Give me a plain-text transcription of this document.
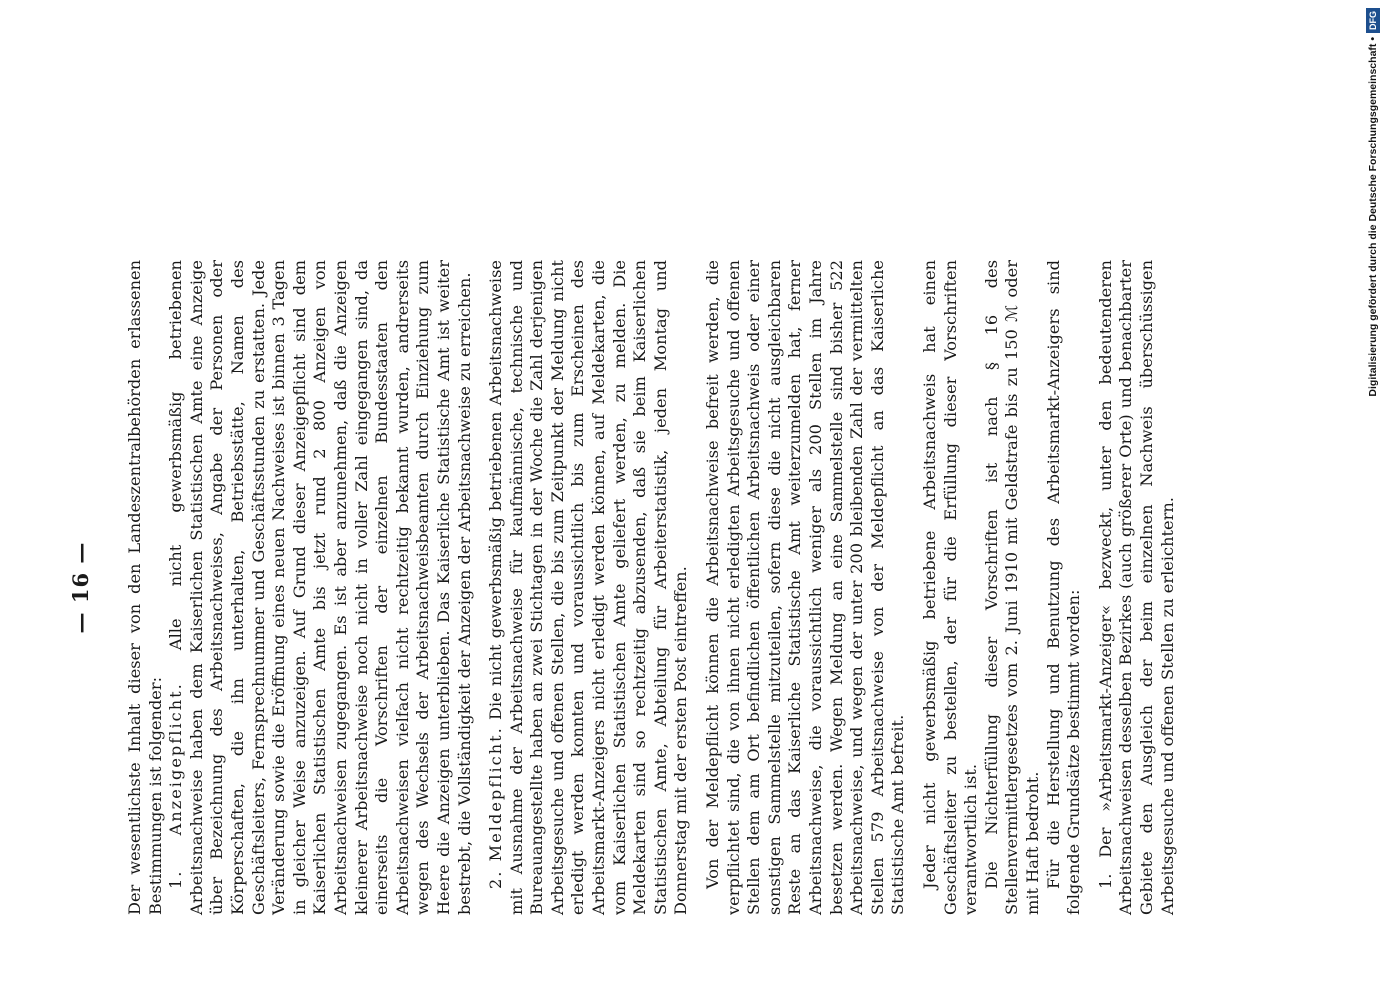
— 16 — Der wesentlichste Inhalt dieser von den Landeszentralbehörden erlassenen Bestimmungen ist folgender: 1. Anzeigepflicht. Alle nicht gewerbsmäßig betriebenen Arbeitsnachweise haben dem Kaiserlichen Statistischen Amte eine Anzeige über Bezeichnung des Arbeitsnachweises, Angabe der Personen oder Körperschaften, die ihn unterhalten, Betriebsstätte, Namen des Geschäftsleiters, Fernsprechnummer und Geschäftsstunden zu erstatten. Jede Veränderung sowie die Eröffnung eines neuen Nachweises ist binnen 3 Tagen in gleicher Weise anzuzeigen. Auf Grund dieser Anzeigepflicht sind dem Kaiserlichen Statistischen Amte bis jetzt rund 2 800 Anzeigen von Arbeitsnachweisen zugegangen. Es ist aber anzunehmen, daß die Anzeigen kleinerer Arbeitsnachweise noch nicht in voller Zahl eingegangen sind, da einerseits die Vorschriften der einzelnen Bundesstaaten den Arbeitsnachweisen vielfach nicht rechtzeitig bekannt wurden, andrerseits wegen des Wechsels der Arbeitsnachweisbeamten durch Einziehung zum Heere die Anzeigen unterblieben. Das Kaiserliche Statistische Amt ist weiter bestrebt, die Vollständigkeit der Anzeigen der Arbeitsnachweise zu erreichen. 2. Meldepflicht. Die nicht gewerbsmäßig betriebenen Arbeitsnachweise mit Ausnahme der Arbeitsnachweise für kaufmännische, technische und Bureauangestellte haben an zwei Stichtagen in der Woche die Zahl derjenigen Arbeitsgesuche und offenen Stellen, die bis zum Zeitpunkt der Meldung nicht erledigt werden konnten und voraussichtlich bis zum Erscheinen des Arbeitsmarkt-Anzeigers nicht erledigt werden können, auf Meldekarten, die vom Kaiserlichen Statistischen Amte geliefert werden, zu melden. Die Meldekarten sind so rechtzeitig abzusenden, daß sie beim Kaiserlichen Statistischen Amte, Abteilung für Arbeiterstatistik, jeden Montag und Donnerstag mit der ersten Post eintreffen. Von der Meldepflicht können die Arbeitsnachweise befreit werden, die verpflichtet sind, die von ihnen nicht erledigten Arbeitsgesuche und offenen Stellen dem am Ort befindlichen öffentlichen Arbeitsnachweis oder einer sonstigen Sammelstelle mitzuteilen, sofern diese die nicht ausgleichbaren Reste an das Kaiserliche Statistische Amt weiterzumelden hat, ferner Arbeitsnachweise, die voraussichtlich weniger als 200 Stellen im Jahre besetzen werden. Wegen Meldung an eine Sammelstelle sind bisher 522 Arbeitsnachweise, und wegen der unter 200 bleibenden Zahl der vermittelten Stellen 579 Arbeitsnachweise von der Meldepflicht an das Kaiserliche Statistische Amt befreit. Jeder nicht gewerbsmäßig betriebene Arbeitsnachweis hat einen Geschäftsleiter zu bestellen, der für die Erfüllung dieser Vorschriften verantwortlich ist. Die Nichterfüllung dieser Vorschriften ist nach § 16 des Stellenvermittlergesetzes vom 2. Juni 1910 mit Geldstrafe bis zu 150 ℳ oder mit Haft bedroht. Für die Herstellung und Benutzung des Arbeitsmarkt-Anzeigers sind folgende Grundsätze bestimmt worden: 1. Der »Arbeitsmarkt-Anzeiger« bezweckt, unter den bedeutenderen Arbeitsnachweisen desselben Bezirkes (auch größerer Orte) und benachbarter Gebiete den Ausgleich der beim einzelnen Nachweis überschüssigen Arbeitsgesuche und offenen Stellen zu erleichtern.

Digitalisierung gefördert durch die Deutsche Forschungsgemeinschaft •DFG
